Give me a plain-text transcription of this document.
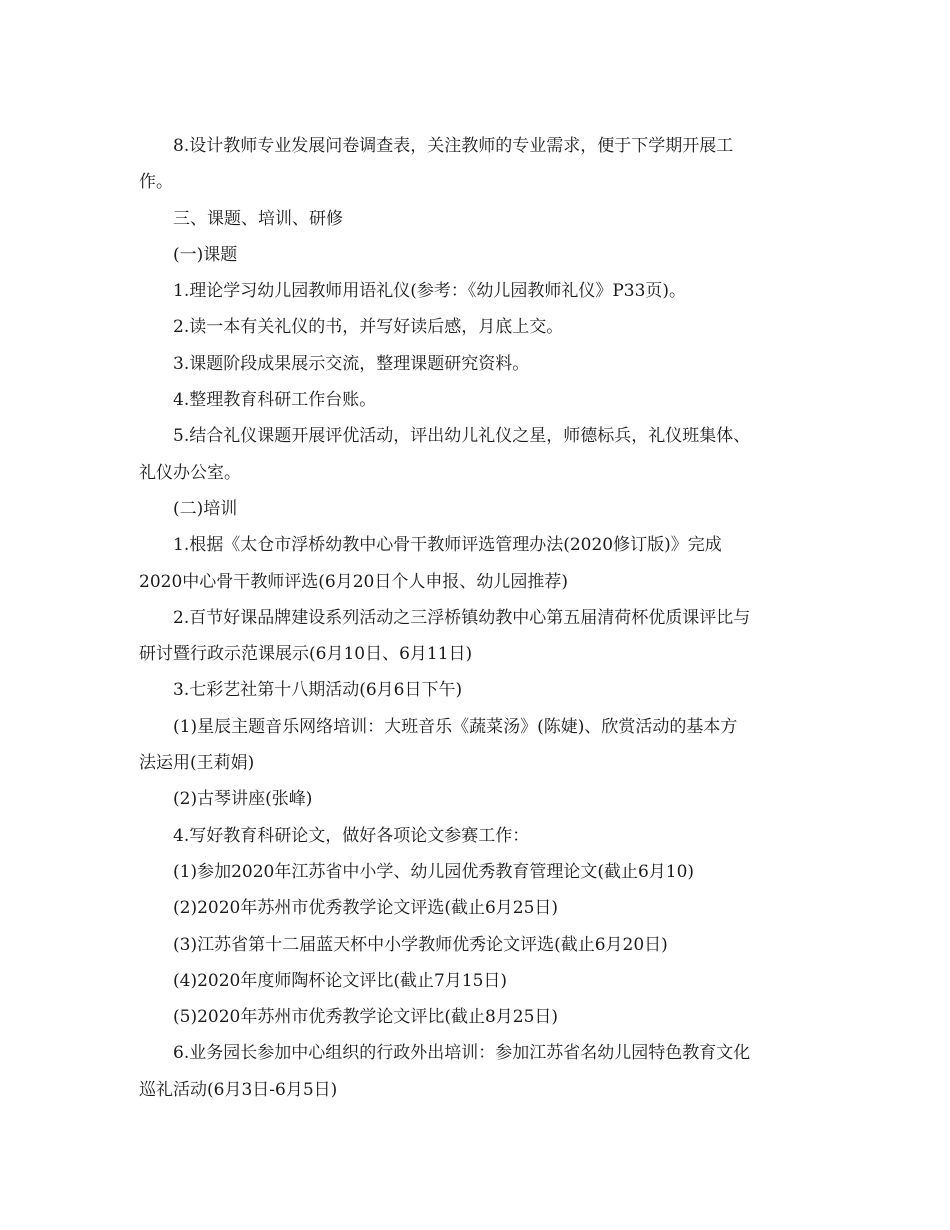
8.设计教师专业发展问卷调查表，关注教师的专业需求，便于下学期开展工
作。
三、课题、培训、研修
(一)课题
1.理论学习幼儿园教师用语礼仪(参考：《幼儿园教师礼仪》P33页)。
2.读一本有关礼仪的书，并写好读后感，月底上交。
3.课题阶段成果展示交流，整理课题研究资料。
4.整理教育科研工作台账。
5.结合礼仪课题开展评优活动，评出幼儿礼仪之星，师德标兵，礼仪班集体、
礼仪办公室。
(二)培训
1.根据《太仓市浮桥幼教中心骨干教师评选管理办法(2020修订版)》完成
2020中心骨干教师评选(6月20日个人申报、幼儿园推荐)
2.百节好课品牌建设系列活动之三浮桥镇幼教中心第五届清荷杯优质课评比与
研讨暨行政示范课展示(6月10日、6月11日)
3.七彩艺社第十八期活动(6月6日下午)
(1)星辰主题音乐网络培训：大班音乐《蔬菜汤》(陈婕)、欣赏活动的基本方
法运用(王莉娟)
(2)古琴讲座(张峰)
4.写好教育科研论文，做好各项论文参赛工作：
(1)参加2020年江苏省中小学、幼儿园优秀教育管理论文(截止6月10)
(2)2020年苏州市优秀教学论文评选(截止6月25日)
(3)江苏省第十二届蓝天杯中小学教师优秀论文评选(截止6月20日)
(4)2020年度师陶杯论文评比(截止7月15日)
(5)2020年苏州市优秀教学论文评比(截止8月25日)
6.业务园长参加中心组织的行政外出培训：参加江苏省名幼儿园特色教育文化
巡礼活动(6月3日-6月5日)
